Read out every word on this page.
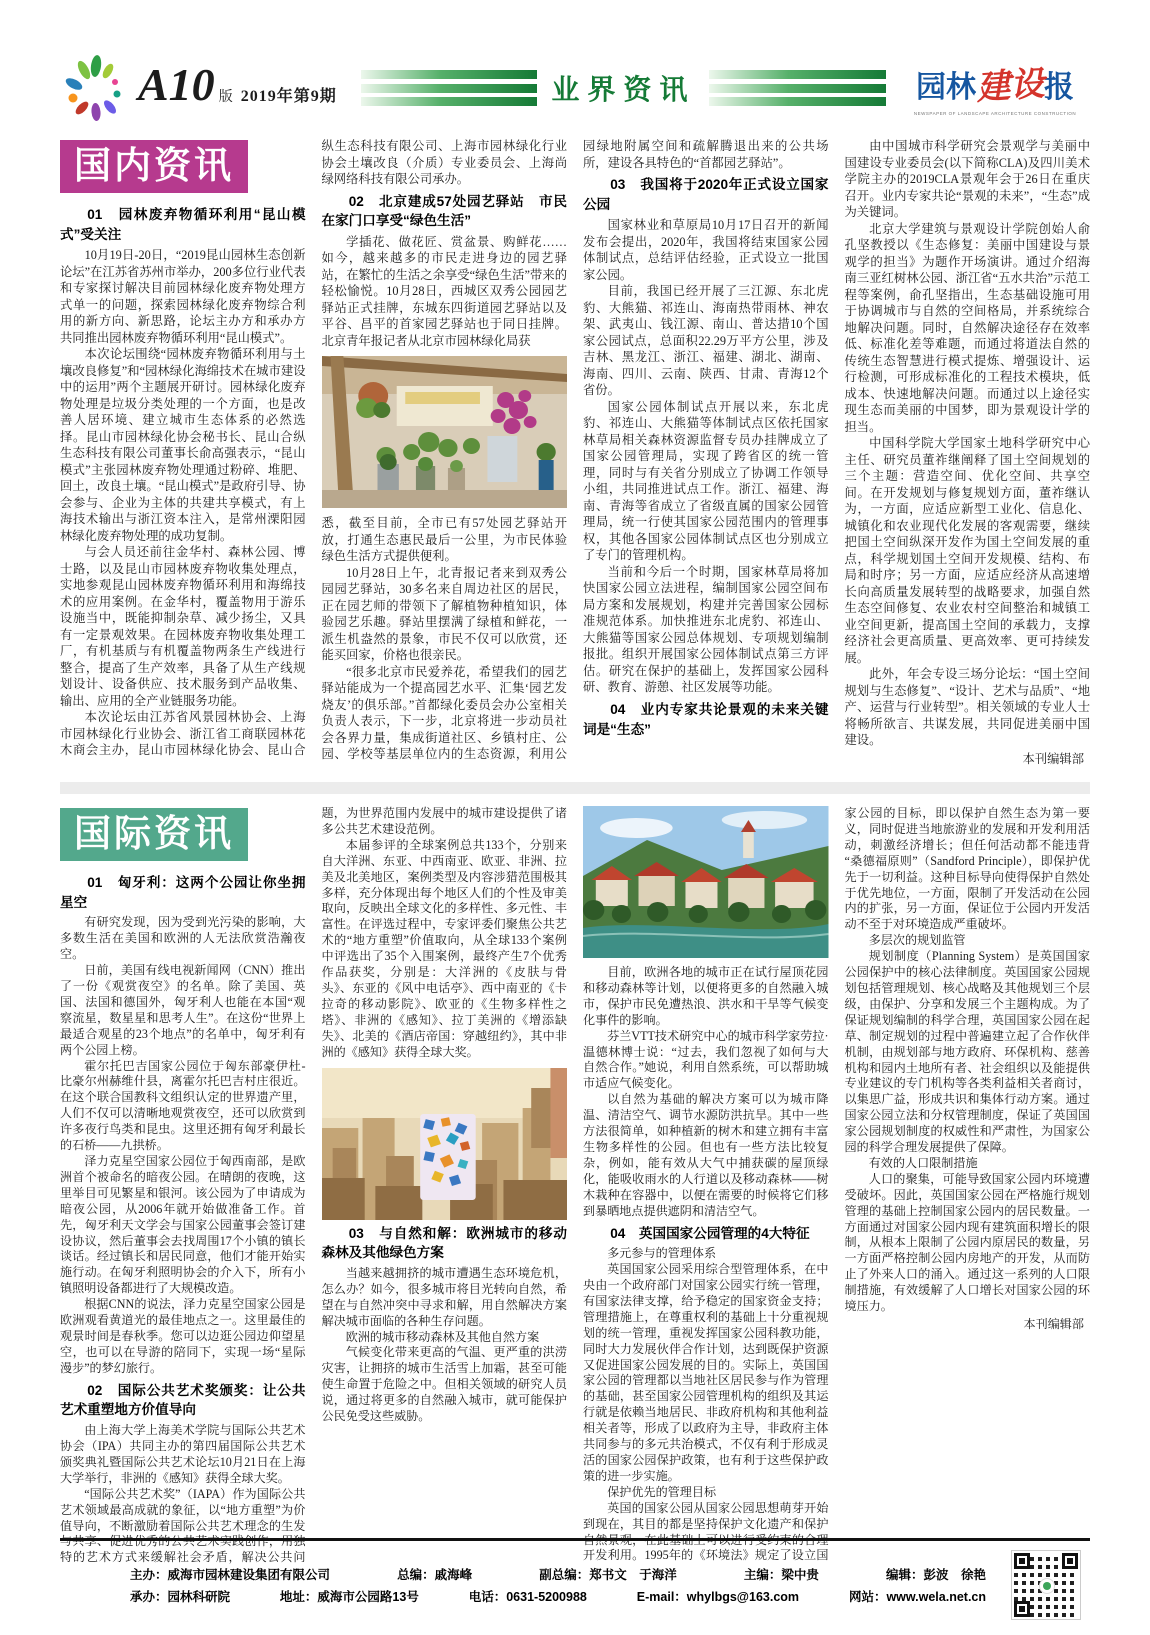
A10 版 2019年第9期	业界资讯	园林建设报
NEWSPAPER OF LANDSCAPE ARCHITECTURE CONSTRUCTION
国内资讯
01　园林废弃物循环利用“昆山模式”受关注

10月19日-20日，“2019昆山园林生态创新论坛”在江苏省苏州市举办，200多位行业代表和专家探讨解决目前园林绿化废弃物处理方式单一的问题，探索园林绿化废弃物综合利用的新方向、新思路，论坛主办方和承办方共同推出园林废弃物循环利用“昆山模式”。

本次论坛围绕“园林废弃物循环利用与土壤改良修复”和“园林绿化海绵技术在城市建设中的运用”两个主题展开研讨。园林绿化废弃物处理是垃圾分类处理的一个方面，也是改善人居环境、建立城市生态体系的必然选择。昆山市园林绿化协会秘书长、昆山合纵生态科技有限公司董事长俞高强表示，“昆山模式”主张园林废弃物处理通过粉碎、堆肥、回土，改良土壤。“昆山模式”是政府引导、协会参与、企业为主体的共建共享模式，有上海技术输出与浙江资本注入，是常州溧阳园林绿化废弃物处理的成功复制。

与会人员还前往金华村、森林公园、博士路，以及昆山市园林废弃物收集处理点，实地参观昆山园林废弃物循环利用和海绵技术的应用案例。在金华村，覆盖物用于游乐设施当中，既能抑制杂草、减少扬尘，又具有一定景观效果。在园林废弃物收集处理工厂，有机基质与有机覆盖物两条生产线进行整合，提高了生产效率，具备了从生产线规划设计、设备供应、技术服务到产品收集、输出、应用的全产业链服务功能。

本次论坛由江苏省风景园林协会、上海市园林绿化行业协会、浙江省工商联园林花木商会主办，昆山市园林绿化协会、昆山合纵生态科技有限公司、上海市园林绿化行业协会土壤改良（介质）专业委员会、上海尚绿网络科技有限公司承办。

02　北京建成57处园艺驿站　市民在家门口享受“绿色生活”

学插花、做花匠、赏盆景、购鲜花……如今，越来越多的市民走进身边的园艺驿站，在繁忙的生活之余享受“绿色生活”带来的轻松愉悦。10月28日，西城区双秀公园园艺驿站正式挂牌，东城东四街道园艺驿站以及平谷、昌平的首家园艺驿站也于同日挂牌。北京青年报记者从北京市园林绿化局获

悉，截至目前，全市已有57处园艺驿站开放，打通生态惠民最后一公里，为市民体验绿色生活方式提供便利。

10月28日上午，北青报记者来到双秀公园园艺驿站，30多名来自周边社区的居民，正在园艺师的带领下了解植物种植知识，体验园艺乐趣。驿站里摆满了绿植和鲜花，一派生机盎然的景象，市民不仅可以欣赏，还能买回家，价格也很亲民。

“很多北京市民爱养花，希望我们的园艺驿站能成为一个提高园艺水平、汇集‘园艺发烧友’的俱乐部。”首都绿化委员会办公室相关负责人表示，下一步，北京将进一步动员社会各界力量，集成街道社区、乡镇村庄、公园、学校等基层单位内的生态资源，利用公园绿地附属空间和疏解腾退出来的公共场所，建设各具特色的“首都园艺驿站”。

03　我国将于2020年正式设立国家公园

国家林业和草原局10月17日召开的新闻发布会提出，2020年，我国将结束国家公园体制试点，总结评估经验，正式设立一批国家公园。

目前，我国已经开展了三江源、东北虎豹、大熊猫、祁连山、海南热带雨林、神农架、武夷山、钱江源、南山、普达措10个国家公园试点，总面积22.29万平方公里，涉及吉林、黑龙江、浙江、福建、湖北、湖南、海南、四川、云南、陕西、甘肃、青海12个省份。

国家公园体制试点开展以来，东北虎豹、祁连山、大熊猫等体制试点区依托国家林草局相关森林资源监督专员办挂牌成立了国家公园管理局，实现了跨省区的统一管理，同时与有关省分别成立了协调工作领导小组，共同推进试点工作。浙江、福建、海南、青海等省成立了省级直属的国家公园管理局，统一行使其国家公园范围内的管理事权，其他各国家公园体制试点区也分别成立了专门的管理机构。

当前和今后一个时期，国家林草局将加快国家公园立法进程，编制国家公园空间布局方案和发展规划，构建并完善国家公园标准规范体系。加快推进东北虎豹、祁连山、大熊猫等国家公园总体规划、专项规划编制报批。组织开展国家公园体制试点第三方评估。研究在保护的基础上，发挥国家公园科研、教育、游憩、社区发展等功能。

04　业内专家共论景观的未来关键词是“生态”

由中国城市科学研究会景观学与美丽中国建设专业委员会(以下简称CLA)及四川美术学院主办的2019CLA景观年会于26日在重庆召开。业内专家共论“景观的未来”，“生态”成为关键词。

北京大学建筑与景观设计学院创始人俞孔坚教授以《生态修复：美丽中国建设与景观学的担当》为题作开场演讲。通过介绍海南三亚红树林公园、浙江省“五水共治”示范工程等案例，俞孔坚指出，生态基础设施可用于协调城市与自然的空间格局，并系统综合地解决问题。同时，自然解决途径存在效率低、标准化差等难题，而通过将道法自然的传统生态智慧进行模式提炼、增强设计、运行检测，可形成标准化的工程技术模块，低成本、快速地解决问题。而通过以上途径实现生态而美丽的中国梦，即为景观设计学的担当。

中国科学院大学国家土地科学研究中心主任、研究员董祚继阐释了国土空间规划的三个主题：营造空间、优化空间、共享空间。在开发规划与修复规划方面，董祚继认为，一方面，应适应新型工业化、信息化、城镇化和农业现代化发展的客观需要，继续把国土空间纵深开发作为国土空间发展的重点，科学规划国土空间开发规模、结构、布局和时序；另一方面，应适应经济从高速增长向高质量发展转型的战略要求，加强自然生态空间修复、农业农村空间整治和城镇工业空间更新，提高国土空间的承载力，支撑经济社会更高质量、更高效率、更可持续发展。

此外，年会专设三场分论坛：“国土空间规划与生态修复”、“设计、艺术与品质”、“地产、运营与行业转型”。相关领域的专业人士将畅所欲言、共谋发展，共同促进美丽中国建设。

本刊编辑部

国际资讯
01　匈牙利：这两个公园让你坐拥星空

有研究发现，因为受到光污染的影响，大多数生活在美国和欧洲的人无法欣赏浩瀚夜空。

日前，美国有线电视新闻网（CNN）推出了一份《观赏夜空》的名单。除了美国、英国、法国和德国外，匈牙利人也能在本国“观察流星，数星星和思考人生”。在这份“世界上最适合观星的23个地点”的名单中，匈牙利有两个公园上榜。

霍尔托巴吉国家公园位于匈东部豪伊杜-比豪尔州赫维什县，离霍尔托巴吉村庄很近。在这个联合国教科文组织认定的世界遗产里，人们不仅可以清晰地观赏夜空，还可以欣赏到许多夜行鸟类和昆虫。这里还拥有匈牙利最长的石桥——九拱桥。

泽力克星空国家公园位于匈西南部，是欧洲首个被命名的暗夜公园。在晴朗的夜晚，这里举目可见繁星和银河。该公园为了申请成为暗夜公园，从2006年就开始做准备工作。首先，匈牙利天文学会与国家公园董事会签订建设协议，然后董事会去找周围17个小镇的镇长谈话。经过镇长和居民同意，他们才能开始实施行动。在匈牙利照明协会的介入下，所有小镇照明设备都进行了大规模改造。

根据CNN的说法，泽力克星空国家公园是欧洲观看黄道光的最佳地点之一。这里最佳的观景时间是春秋季。您可以边逛公园边仰望星空，也可以在导游的陪同下，实现一场“星际漫步”的梦幻旅行。

02　国际公共艺术奖颁奖：让公共艺术重塑地方价值导向

由上海大学上海美术学院与国际公共艺术协会（IPA）共同主办的第四届国际公共艺术颁奖典礼暨国际公共艺术论坛10月21日在上海大学举行，非洲的《感知》获得全球大奖。

“国际公共艺术奖”（IAPA）作为国际公共艺术领域最高成就的象征，以“地方重塑”为价值导向，不断激励着国际公共艺术理念的生发与共享、促进优秀的公共艺术实践创作，用独特的艺术方式来缓解社会矛盾，解决公共问题，为世界范围内发展中的城市建设提供了诸多公共艺术建设范例。

本届参评的全球案例总共133个，分别来自大洋洲、东亚、中西南亚、欧亚、非洲、拉美及北美地区，案例类型及内容涉猎范围极其多样，充分体现出每个地区人们的个性及审美取向，反映出全球文化的多样性、多元性、丰富性。在评选过程中，专家评委们聚焦公共艺术的“地方重塑”价值取向，从全球133个案例中评选出了35个入围案例，最终产生7个优秀作品获奖，分别是：大洋洲的《皮肤与骨头》、东亚的《风中电话亭》、西中南亚的《卡拉奇的移动影院》、欧亚的《生物多样性之塔》、非洲的《感知》、拉丁美洲的《增添缺失》、北美的《酒店帝国：穿越纽约》，其中非洲的《感知》获得全球大奖。

03　与自然和解：欧洲城市的移动森林及其他绿色方案

当越来越拥挤的城市遭遇生态环境危机，怎么办？如今，很多城市将目光转向自然，希望在与自然冲突中寻求和解，用自然解决方案解决城市面临的各种生存问题。

欧洲的城市移动森林及其他自然方案

气候变化带来更高的气温、更严重的洪涝灾害，让拥挤的城市生活雪上加霜，甚至可能使生命置于危险之中。但相关领域的研究人员说，通过将更多的自然融入城市，就可能保护公民免受这些威胁。

目前，欧洲各地的城市正在试行屋顶花园和移动森林等计划，以便将更多的自然融入城市，保护市民免遭热浪、洪水和干旱等气候变化事件的影响。

芬兰VTT技术研究中心的城市科学家劳拉·温德林博士说：“过去，我们忽视了如何与大自然合作。”她说，利用自然系统，可以帮助城市适应气候变化。

以自然为基础的解决方案可以为城市降温、清洁空气、调节水源防洪抗旱。其中一些方法很简单，如种植新的树木和建立拥有丰富生物多样性的公园。但也有一些方法比较复杂，例如，能有效从大气中捕获碳的屋顶绿化，能吸收雨水的人行道以及移动森林——树木栽种在容器中，以便在需要的时候将它们移到暴晒地点提供遮阴和清洁空气。

04　英国国家公园管理的4大特征

多元参与的管理体系

英国国家公园采用综合型管理体系，在中央由一个政府部门对国家公园实行统一管理，有国家法律支撑，给予稳定的国家资金支持；管理措施上，在尊重权利的基础上十分重视规划的统一管理，重视发挥国家公园科教功能，同时大力发展伙伴合作计划，达到既保护资源又促进国家公园发展的目的。实际上，英国国家公园的管理都以当地社区居民参与作为管理的基础，甚至国家公园管理机构的组织及其运行就是依赖当地居民、非政府机构和其他利益相关者等，形成了以政府为主导，非政府主体共同参与的多元共治模式，不仅有利于形成灵活的国家公园保护政策，也有利于这些保护政策的进一步实施。

保护优先的管理目标

英国的国家公园从国家公园思想萌芽开始到现在，其目的都是坚持保护文化遗产和保护自然景观，在此基础上可以进行受约束的合理开发利用。1995年的《环境法》规定了设立国家公园的目标，即以保护自然生态为第一要义，同时促进当地旅游业的发展和开发利用活动，刺激经济增长；但任何活动都不能违背“桑德福原则”（Sandford Principle），即保护优先于一切利益。这种目标导向使得保护自然处于优先地位，一方面，限制了开发活动在公园内的扩张，另一方面，保证位于公园内开发活动不至于对环境造成严重破坏。

多层次的规划监管

规划制度（Planning System）是英国国家公园保护中的核心法律制度。英国国家公园规划包括管理规划、核心战略及其他规划三个层级，由保护、分享和发展三个主题构成。为了保证规划编制的科学合理，英国国家公园在起草、制定规划的过程中普遍建立起了合作伙伴机制，由规划部与地方政府、环保机构、慈善机构和园内土地所有者、社会组织以及能提供专业建议的专门机构等各类利益相关者商讨，以集思广益，形成共识和集体行动方案。通过国家公园立法和分权管理制度，保证了英国国家公园规划制度的权威性和严肃性，为国家公园的科学合理发展提供了保障。

有效的人口限制措施

人口的聚集，可能导致国家公园内环境遭受破坏。因此，英国国家公园在严格施行规划管理的基础上控制国家公园内的居民数量。一方面通过对国家公园内现有建筑面积增长的限制，从根本上限制了公园内原居民的数量，另一方面严格控制公园内房地产的开发，从而防止了外来人口的涌入。通过这一系列的人口限制措施，有效缓解了人口增长对国家公园的环境压力。

本刊编辑部

主办：威海市园林建设集团有限公司	总编：戚海峰	副总编：郑书文　于海洋	主编：梁中贵	编辑：彭波　徐艳
承办：园林科研院	地址：威海市公园路13号	电话：0631-5200988	E-mail：whylbgs@163.com	网站：www.wela.net.cn
